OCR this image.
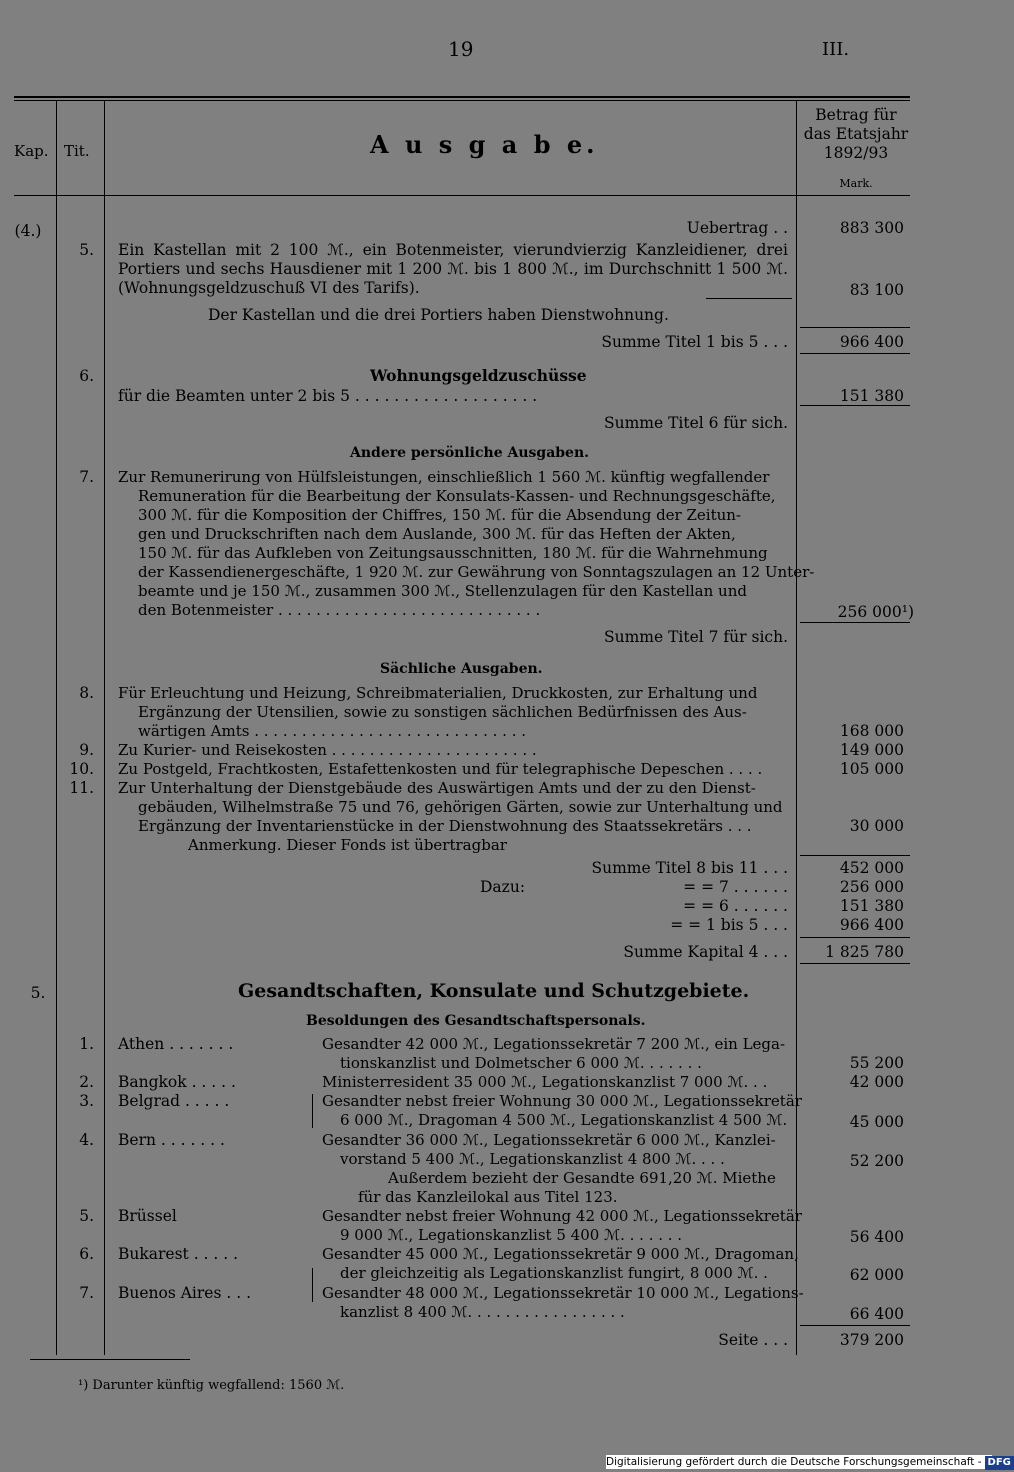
19	III.
Kap. Tit.	A u s g a b e.
Betrag für
das Etatsjahr
1892/93
Mark.
(4.)	Uebertrag . .	883 300
5. Ein Kastellan mit 2 100 ℳ., ein Botenmeister, vierundvierzig Kanzleidiener, drei Portiers und sechs Hausdiener mit 1 200 ℳ. bis 1 800 ℳ., im Durchschnitt 1 500 ℳ. (Wohnungsgeldzuschuß VI des Tarifs).	83 100
Der Kastellan und die drei Portiers haben Dienstwohnung.
Summe Titel 1 bis 5 . . .	966 400
Wohnungsgeldzuschüsse
6.
für die Beamten unter 2 bis 5 . . . . . . . . . . . . . . . . . . .	151 380
Summe Titel 6 für sich.
Andere persönliche Ausgaben.
7. Zur Remunerirung von Hülfsleistungen, einschließlich 1 560 ℳ. künftig wegfallender
Remuneration für die Bearbeitung der Konsulats-Kassen- und Rechnungsgeschäfte,
300 ℳ. für die Komposition der Chiffres, 150 ℳ. für die Absendung der Zeitun-
gen und Druckschriften nach dem Auslande, 300 ℳ. für das Heften der Akten,
150 ℳ. für das Aufkleben von Zeitungsausschnitten, 180 ℳ. für die Wahrnehmung
der Kassendienergeschäfte, 1 920 ℳ. zur Gewährung von Sonntagszulagen an 12 Unter-
beamte und je 150 ℳ., zusammen 300 ℳ., Stellenzulagen für den Kastellan und
den Botenmeister . . . . . . . . . . . . . . . . . . . . . . . . . . . .	256 000¹)
Summe Titel 7 für sich.
Sächliche Ausgaben.
8. Für Erleuchtung und Heizung, Schreibmaterialien, Druckkosten, zur Erhaltung und
Ergänzung der Utensilien, sowie zu sonstigen sächlichen Bedürfnissen des Aus-
wärtigen Amts . . . . . . . . . . . . . . . . . . . . . . . . . . . . .	168 000
9. Zu Kurier- und Reisekosten . . . . . . . . . . . . . . . . . . . . . .	149 000
10. Zu Postgeld, Frachtkosten, Estafettenkosten und für telegraphische Depeschen . . . .	105 000
11. Zur Unterhaltung der Dienstgebäude des Auswärtigen Amts und der zu den Dienst-
gebäuden, Wilhelmstraße 75 und 76, gehörigen Gärten, sowie zur Unterhaltung und
Ergänzung der Inventarienstücke in der Dienstwohnung des Staatssekretärs . . .	30 000
Anmerkung. Dieser Fonds ist übertragbar
Summe Titel 8 bis 11 . . .	452 000
Dazu:	= = 7 . . . . . .	256 000
= = 6 . . . . . .	151 380
= = 1 bis 5 . . .	966 400
Summe Kapital 4 . . . 1 825 780
5.	Gesandtschaften, Konsulate und Schutzgebiete.
Besoldungen des Gesandtschaftspersonals.
1. Athen . . . . . . .	Gesandter 42 000 ℳ., Legationssekretär 7 200 ℳ., ein Lega-
tionskanzlist und Dolmetscher 6 000 ℳ. . . . . . .	55 200
2. Bangkok . . . . .	Ministerresident 35 000 ℳ., Legationskanzlist 7 000 ℳ. . .	42 000
3. Belgrad . . . . .	Gesandter nebst freier Wohnung 30 000 ℳ., Legationssekretär
6 000 ℳ., Dragoman 4 500 ℳ., Legationskanzlist 4 500 ℳ.	45 000
4. Bern . . . . . . .	Gesandter 36 000 ℳ., Legationssekretär 6 000 ℳ., Kanzlei-
vorstand 5 400 ℳ., Legationskanzlist 4 800 ℳ. . . .	52 200
Außerdem bezieht der Gesandte 691,20 ℳ. Miethe
für das Kanzleilokal aus Titel 123.
5. Brüssel	Gesandter nebst freier Wohnung 42 000 ℳ., Legationssekretär
9 000 ℳ., Legationskanzlist 5 400 ℳ. . . . . . .	56 400
6. Bukarest . . . . .	Gesandter 45 000 ℳ., Legationssekretär 9 000 ℳ., Dragoman,
der gleichzeitig als Legationskanzlist fungirt, 8 000 ℳ. .	62 000
7. Buenos Aires . . .	Gesandter 48 000 ℳ., Legationssekretär 10 000 ℳ., Legations-
kanzlist 8 400 ℳ. . . . . . . . . . . . . . . . .	66 400
Seite . . .	379 200
¹) Darunter künftig wegfallend: 1560 ℳ.
Digitalisierung gefördert durch die Deutsche Forschungsgemeinschaft - DFG
